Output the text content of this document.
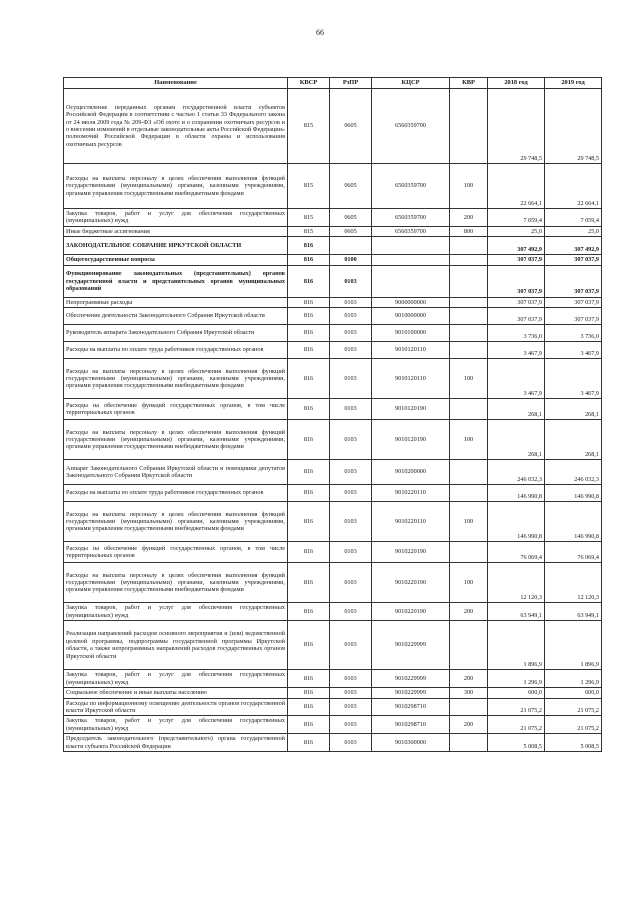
66
Наименование	КВСР	РзПР	КЦСР	КВР	2018 год	2019 год
Осуществление переданных органам государственной власти субъектов Российской Федерации в соответствии с частью 1 статьи 33 Федерального закона от 24 июля 2009 года № 209-ФЗ «Об охоте и о сохранении охотничьих ресурсов и о внесении изменений в отдельные законодательные акты Российской Федерации» полномочий Российской Федерации в области охраны и использования охотничьих ресурсов	815	0605	6560359700		29 748,5	29 748,5
Расходы на выплаты персоналу в целях обеспечения выполнения функций государственными (муниципальными) органами, казенными учреждениями, органами управления государственными внебюджетными фондами	815	0605	6560359700	100	22 664,1	22 664,1
Закупка товаров, работ и услуг для обеспечения государственных (муниципальных) нужд	815	0605	6560359700	200	7 059,4	7 059,4
Иные бюджетные ассигнования	815	0605	6560359700	800	25,0	25,0
ЗАКОНОДАТЕЛЬНОЕ СОБРАНИЕ ИРКУТСКОЙ ОБЛАСТИ	816				307 492,9	307 492,9
Общегосударственные вопросы	816	0100			307 037,9	307 037,9
Функционирование законодательных (представительных) органов государственной власти и представительных органов муниципальных образований	816	0103			307 037,9	307 037,9
Непрограммные расходы	816	0103	9000000000		307 037,9	307 037,9
Обеспечение деятельности Законодательного Собрания Иркутской области	816	0103	9010000000		307 037,9	307 037,9
Руководитель аппарата Законодательного Собрания Иркутской области	816	0103	9010100000		3 736,0	3 736,0
Расходы на выплаты по оплате труда работников государственных органов	816	0103	9010120110		3 467,9	3 467,9
Расходы на выплаты персоналу в целях обеспечения выполнения функций государственными (муниципальными) органами, казенными учреждениями, органами управления государственными внебюджетными фондами	816	0103	9010120110	100	3 467,9	3 467,9
Расходы на обеспечение функций государственных органов, в том числе территориальных органов	816	0103	9010120190		268,1	268,1
Расходы на выплаты персоналу в целях обеспечения выполнения функций государственными (муниципальными) органами, казенными учреждениями, органами управления государственными внебюджетными фондами	816	0103	9010120190	100	268,1	268,1
Аппарат Законодательного Собрания Иркутской области и помощники депутатов Законодательного Собрания Иркутской области	816	0103	9010200000		246 032,3	246 032,3
Расходы на выплаты по оплате труда работников государственных органов	816	0103	9010220110		146 990,8	146 990,8
Расходы на выплаты персоналу в целях обеспечения выполнения функций государственными (муниципальными) органами, казенными учреждениями, органами управления государственными внебюджетными фондами	816	0103	9010220110	100	146 990,8	146 990,8
Расходы на обеспечение функций государственных органов, в том числе территориальных органов	816	0103	9010220190		76 069,4	76 069,4
Расходы на выплаты персоналу в целях обеспечения выполнения функций государственными (муниципальными) органами, казенными учреждениями, органами управления государственными внебюджетными фондами	816	0103	9010220190	100	12 120,3	12 120,3
Закупка товаров, работ и услуг для обеспечения государственных (муниципальных) нужд	816	0103	9010220190	200	63 949,1	63 949,1
Реализация направлений расходов основного мероприятия и (или) ведомственной целевой программы, подпрограммы государственной программы Иркутской области, а также непрограммных направлений расходов государственных органов Иркутской области	816	0103	9010229999		1 896,9	1 896,9
Закупка товаров, работ и услуг для обеспечения государственных (муниципальных) нужд	816	0103	9010229999	200	1 296,9	1 296,9
Социальное обеспечение и иные выплаты населению	816	0103	9010229999	300	600,0	600,0
Расходы по информационному освещению деятельности органов государственной власти Иркутской области	816	0103	9010298710		21 075,2	21 075,2
Закупка товаров, работ и услуг для обеспечения государственных (муниципальных) нужд	816	0103	9010298710	200	21 075,2	21 075,2
Председатель законодательного (представительного) органа государственной власти субъекта Российской Федерации	816	0103	9010300000		5 008,5	5 008,5
